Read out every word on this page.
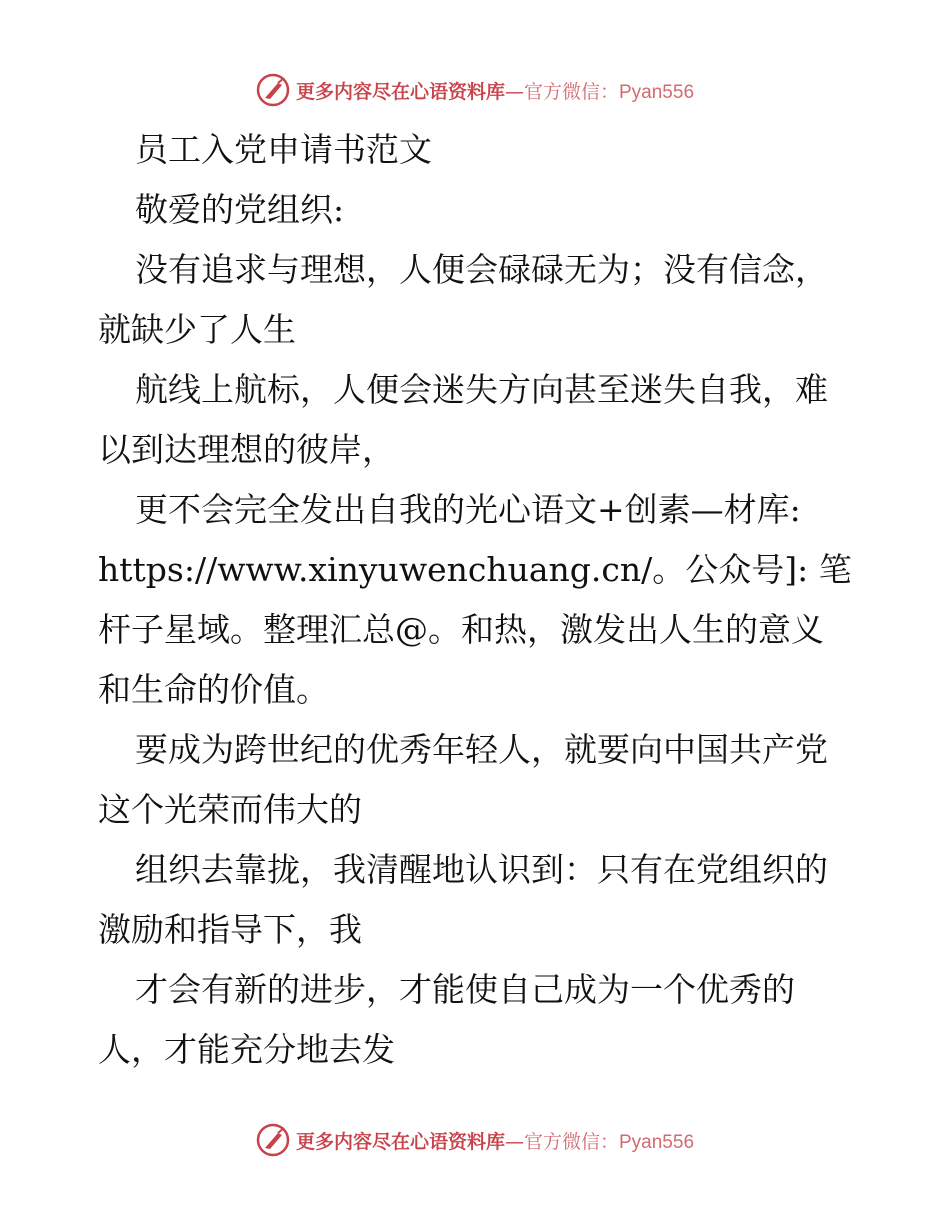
更多内容尽在心语资料库—官方微信：Pyan556
员工入党申请书范文
敬爱的党组织:
没有追求与理想，人便会碌碌无为；没有信念，
就缺少了人生
航线上航标，人便会迷失方向甚至迷失自我，难
以到达理想的彼岸，
更不会完全发出自我的光心语文+创素—材库:
https://www.xinyuwenchuang.cn/。公众号]: 笔
杆子星域。整理汇总@。和热，激发出人生的意义
和生命的价值。
要成为跨世纪的优秀年轻人，就要向中国共产党
这个光荣而伟大的
组织去靠拢，我清醒地认识到：只有在党组织的
激励和指导下，我
才会有新的进步，才能使自己成为一个优秀的
人，才能充分地去发
更多内容尽在心语资料库—官方微信：Pyan556
